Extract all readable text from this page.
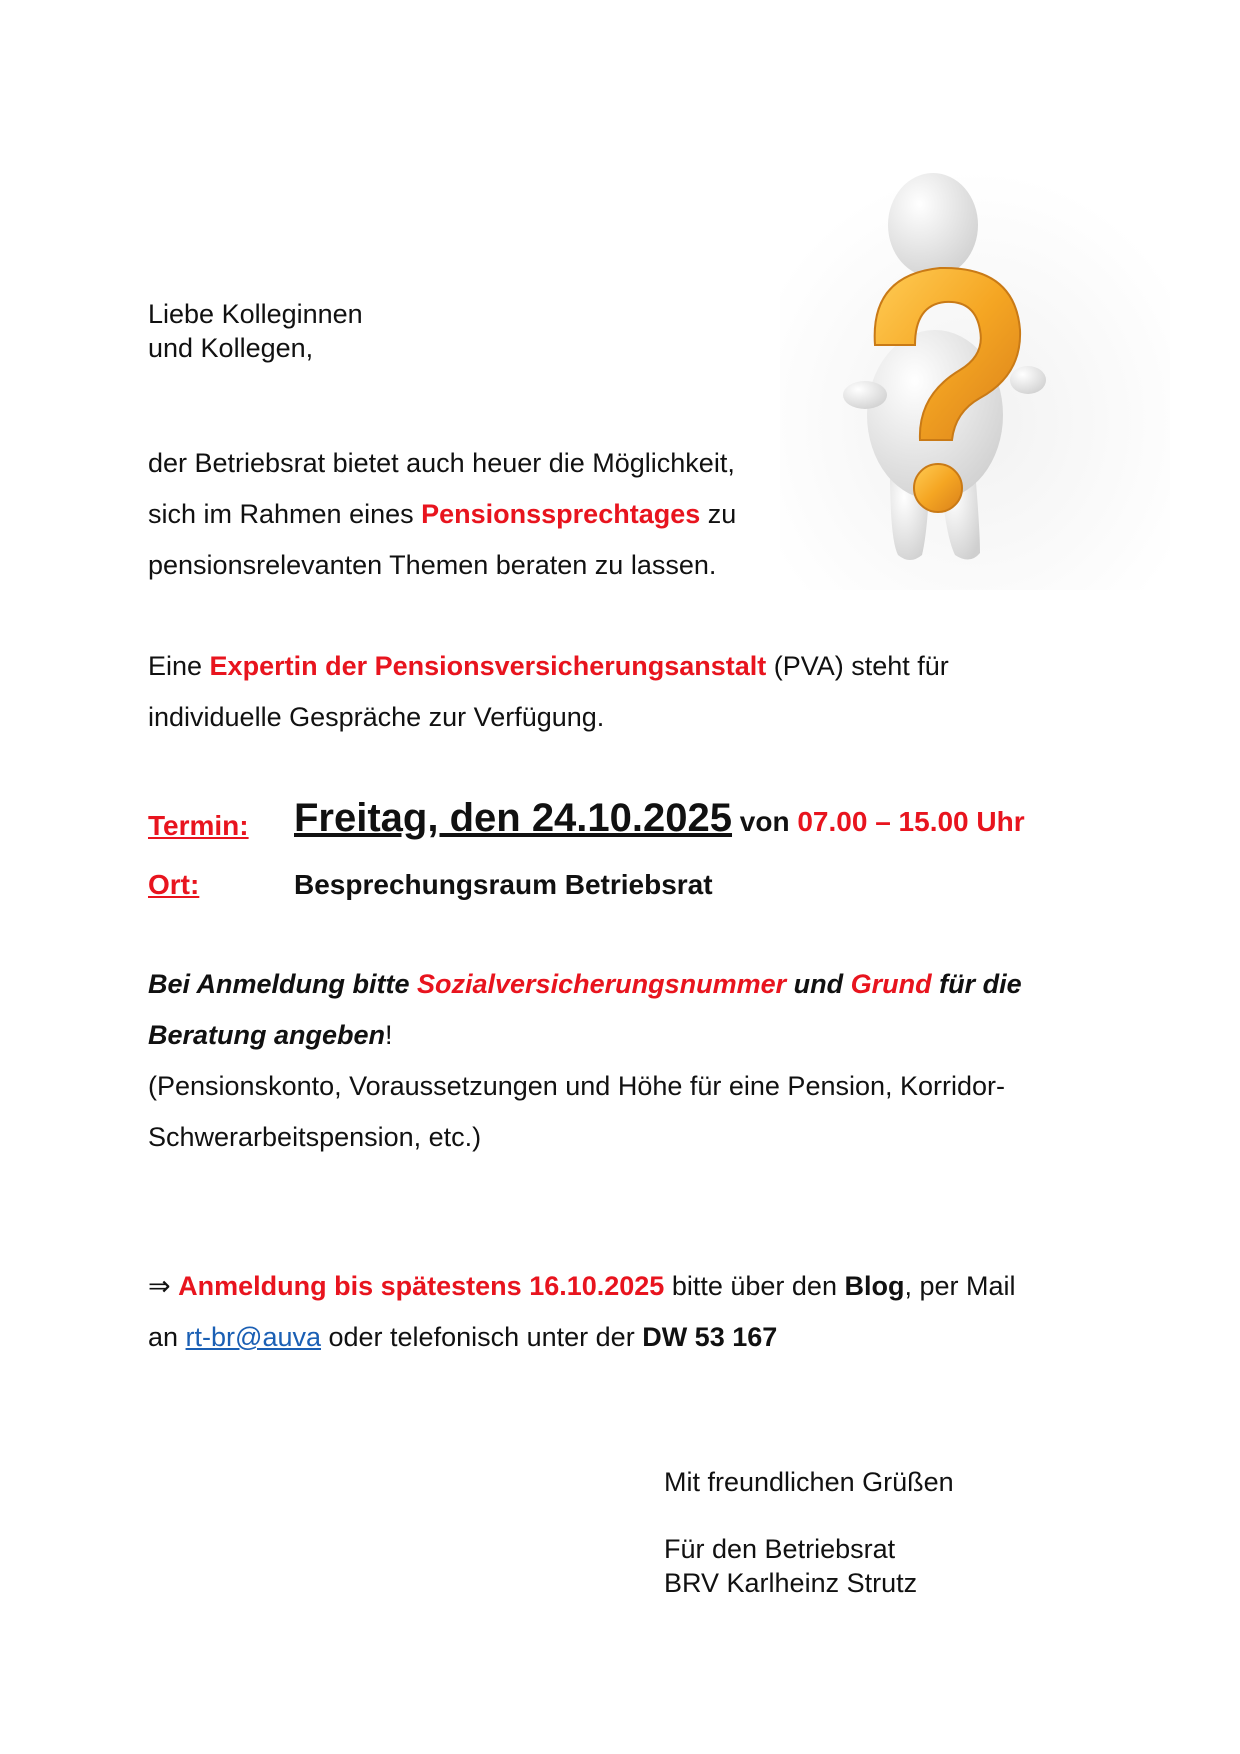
Liebe Kolleginnen
und Kollegen,
der Betriebsrat bietet auch heuer die Möglichkeit,
sich im Rahmen eines Pensionssprechtages zu
pensionsrelevanten Themen beraten zu lassen.
Eine Expertin der Pensionsversicherungsanstalt (PVA) steht für
individuelle Gespräche zur Verfügung.
Termin: Freitag, den 24.10.2025 von 07.00 – 15.00 Uhr
Ort:	Besprechungsraum Betriebsrat
Bei Anmeldung bitte Sozialversicherungsnummer und Grund für die
Beratung angeben!
(Pensionskonto, Voraussetzungen und Höhe für eine Pension, Korridor-
Schwerarbeitspension, etc.)
⇒ Anmeldung bis spätestens 16.10.2025 bitte über den Blog, per Mail
an rt-br@auva oder telefonisch unter der DW 53 167
Mit freundlichen Grüßen
Für den Betriebsrat
BRV Karlheinz Strutz
